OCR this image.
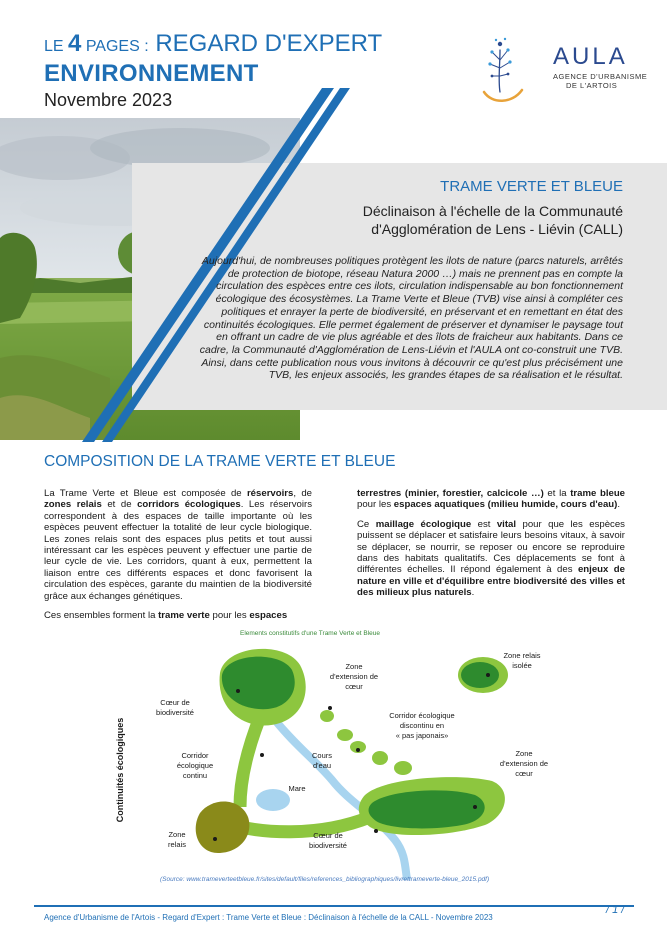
LE 4 PAGES : REGARD D'EXPERT
ENVIRONNEMENT
Novembre 2023
AULA
AGENCE D'URBANISME
DE L'ARTOIS
TRAME VERTE ET BLEUE
Déclinaison à l'échelle de la Communauté d'Agglomération de Lens - Liévin (CALL)
Aujourd'hui, de nombreuses politiques protègent les ilots de nature (parcs naturels, arrêtés de protection de biotope, réseau Natura 2000 …) mais ne prennent pas en compte la circulation des espèces entre ces ilots, circulation indispensable au bon fonctionnement écologique des écosystèmes. La Trame Verte et Bleue (TVB) vise ainsi à compléter ces politiques et enrayer la perte de biodiversité, en préservant et en remettant en état des continuités écologiques. Elle permet également de préserver et dynamiser le paysage tout en offrant un cadre de vie plus agréable et des îlots de fraicheur aux habitants. Dans ce cadre, la Communauté d'Agglomération de Lens-Liévin et l'AULA ont co-construit une TVB. Ainsi, dans cette publication nous vous invitons à découvrir ce qu'est plus précisément une TVB, les enjeux associés, les grandes étapes de sa réalisation et le résultat.
COMPOSITION DE LA TRAME VERTE ET BLEUE

La Trame Verte et Bleue est composée de réservoirs, de zones relais et de corridors écologiques. Les réservoirs correspondent à des espaces de taille importante où les espèces peuvent effectuer la totalité de leur cycle biologique. Les zones relais sont des espaces plus petits et tout aussi intéressant car les espèces peuvent y effectuer une partie de leur cycle de vie. Les corridors, quant à eux, permettent la liaison entre ces différents espaces et donc favorisent la circulation des espèces, garante du maintien de la biodiversité grâce aux échanges génétiques.

Ces ensembles forment la trame verte pour les espaces

terrestres (minier, forestier, calcicole …) et la trame bleue pour les espaces aquatiques (milieu humide, cours d'eau).

Ce maillage écologique est vital pour que les espèces puissent se déplacer et satisfaire leurs besoins vitaux, à savoir se déplacer, se nourrir, se reposer ou encore se reproduire dans des habitats qualitatifs. Ces déplacements se font à différentes échelles. Il répond également à des enjeux de nature en ville et d'équilibre entre biodiversité des villes et des milieux plus naturels.

Elements constitutifs d'une Trame Verte et Bleue
Continuités écologiques
Zone relais
isolée
Zone
d'extension de
cœur
Cœur de
biodiversité	Corridor écologique
discontinu en
« pas japonais»
Corridor
écologique
continu
Cours
d'eau
Zone
d'extension de
cœur
Mare
Zone
relais
Cœur de
biodiversité
(Source: www.trameverteetbleue.fr/sites/default/files/references_bibliographiques/livrettrameverte-bleue_2015.pdf)
Agence d'Urbanisme de l'Artois - Regard d'Expert : Trame Verte et Bleue : Déclinaison à l'échelle de la CALL - Novembre 2023
/ 1 /
